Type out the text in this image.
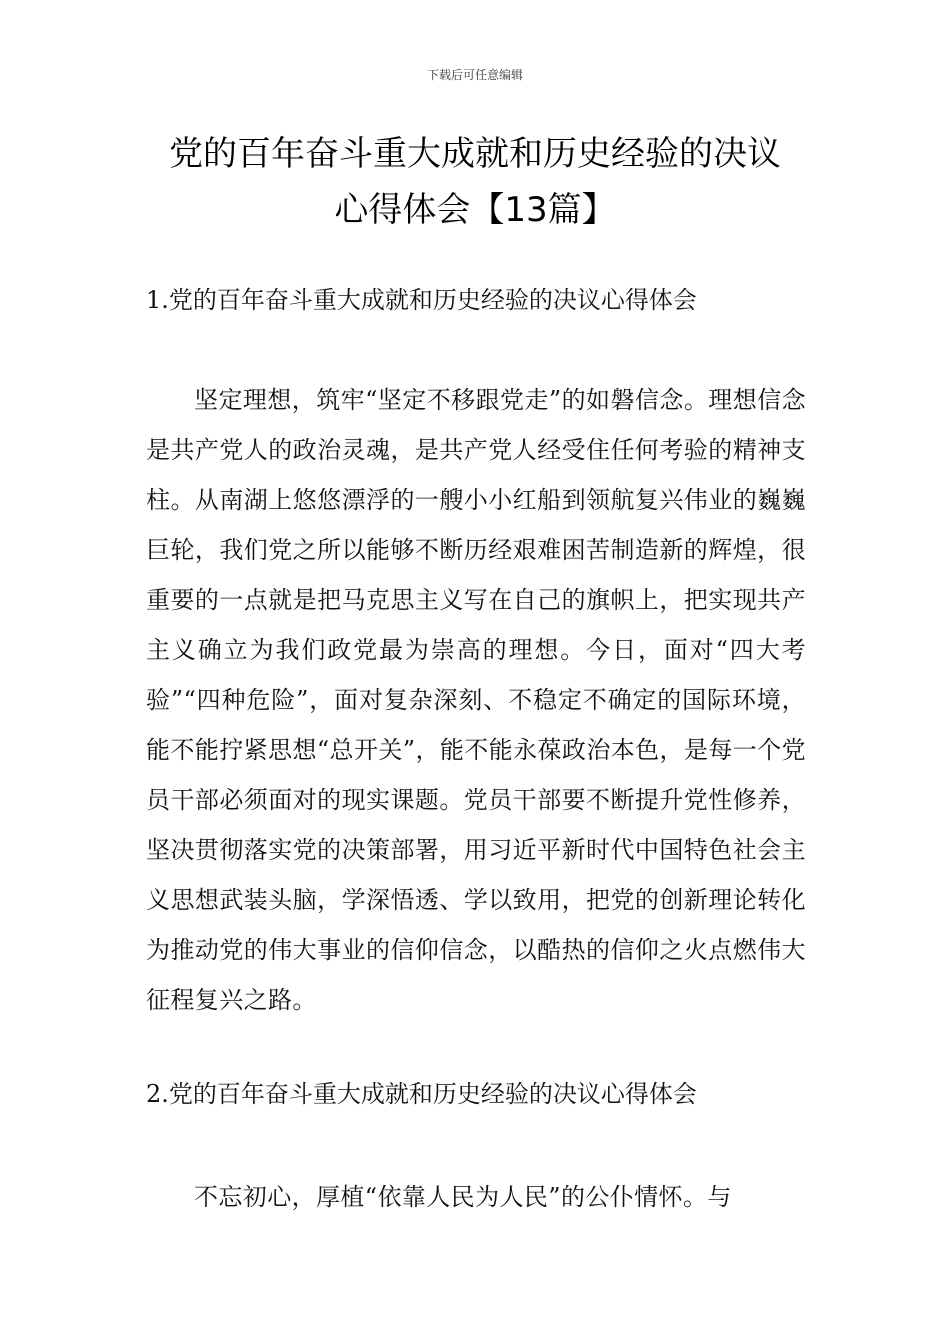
下载后可任意编辑
党的百年奋斗重大成就和历史经验的决议
心得体会【13篇】

1.党的百年奋斗重大成就和历史经验的决议心得体会

坚定理想，筑牢“坚定不移跟党走”的如磐信念。理想信念是共产党人的政治灵魂，是共产党人经受住任何考验的精神支柱。从南湖上悠悠漂浮的一艘小小红船到领航复兴伟业的巍巍巨轮，我们党之所以能够不断历经艰难困苦制造新的辉煌，很重要的一点就是把马克思主义写在自己的旗帜上，把实现共产主义确立为我们政党最为崇高的理想。今日，面对“四大考验”“四种危险”，面对复杂深刻、不稳定不确定的国际环境，能不能拧紧思想“总开关”，能不能永葆政治本色，是每一个党员干部必须面对的现实课题。党员干部要不断提升党性修养，坚决贯彻落实党的决策部署，用习近平新时代中国特色社会主义思想武装头脑，学深悟透、学以致用，把党的创新理论转化为推动党的伟大事业的信仰信念，以酷热的信仰之火点燃伟大征程复兴之路。

2.党的百年奋斗重大成就和历史经验的决议心得体会

不忘初心，厚植“依靠人民为人民”的公仆情怀。与
